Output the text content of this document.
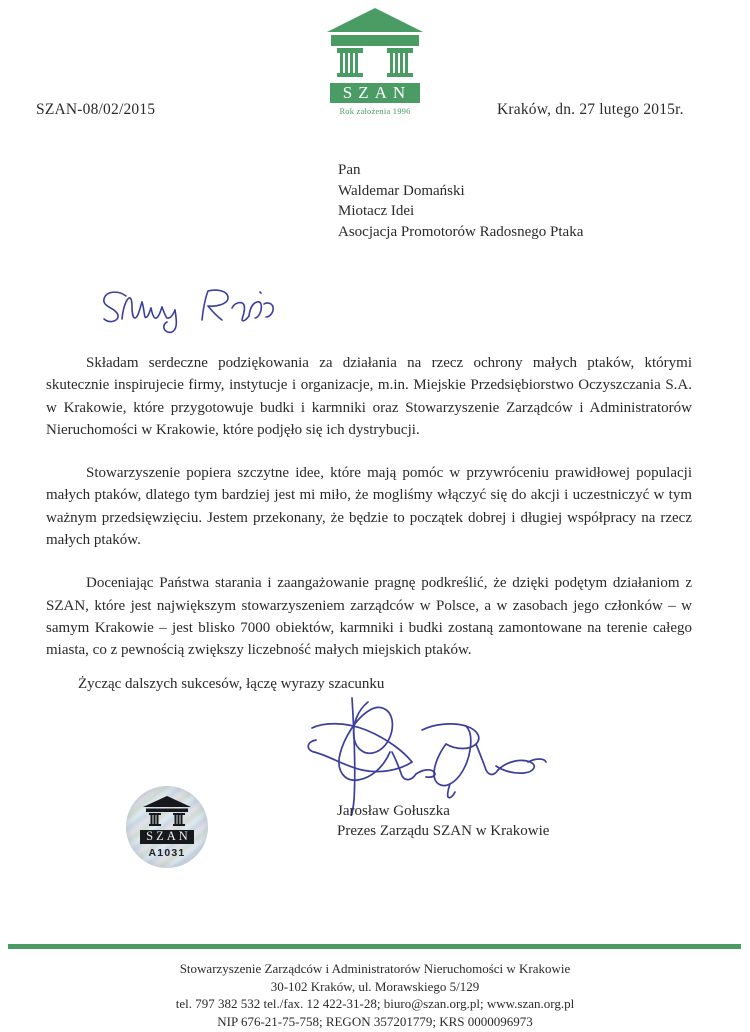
SZAN
Rok założenia 1996
SZAN-08/02/2015	Kraków, dn. 27 lutego 2015r.
Pan
Waldemar Domański
Miotacz Idei
Asocjacja Promotorów Radosnego Ptaka

Składam serdeczne podziękowania za działania na rzecz ochrony małych ptaków, którymi skutecznie inspirujecie firmy, instytucje i organizacje, m.in. Miejskie Przedsiębiorstwo Oczyszczania S.A. w Krakowie, które przygotowuje budki i karmniki oraz Stowarzyszenie Zarządców i Administratorów Nieruchomości w Krakowie, które podjęło się ich dystrybucji.

Stowarzyszenie popiera szczytne idee, które mają pomóc w przywróceniu prawidłowej populacji małych ptaków, dlatego tym bardziej jest mi miło, że mogliśmy włączyć się do akcji i uczestniczyć w tym ważnym przedsięwzięciu. Jestem przekonany, że będzie to początek dobrej i długiej współpracy na rzecz małych ptaków.

Doceniając Państwa starania i zaangażowanie pragnę podkreślić, że dzięki podętym działaniom z SZAN, które jest największym stowarzyszeniem zarządców w Polsce, a w zasobach jego członków – w samym Krakowie – jest blisko 7000 obiektów, karmniki i budki zostaną zamontowane na terenie całego miasta, co z pewnością zwiększy liczebność małych miejskich ptaków.

Życząc dalszych sukcesów, łączę wyrazy szacunku
Jarosław Gołuszka
Prezes Zarządu SZAN w Krakowie
SZAN
A1031
Stowarzyszenie Zarządców i Administratorów Nieruchomości w Krakowie
30-102 Kraków, ul. Morawskiego 5/129
tel. 797 382 532 tel./fax. 12 422-31-28; biuro@szan.org.pl; www.szan.org.pl
NIP 676-21-75-758; REGON 357201779; KRS 0000096973
